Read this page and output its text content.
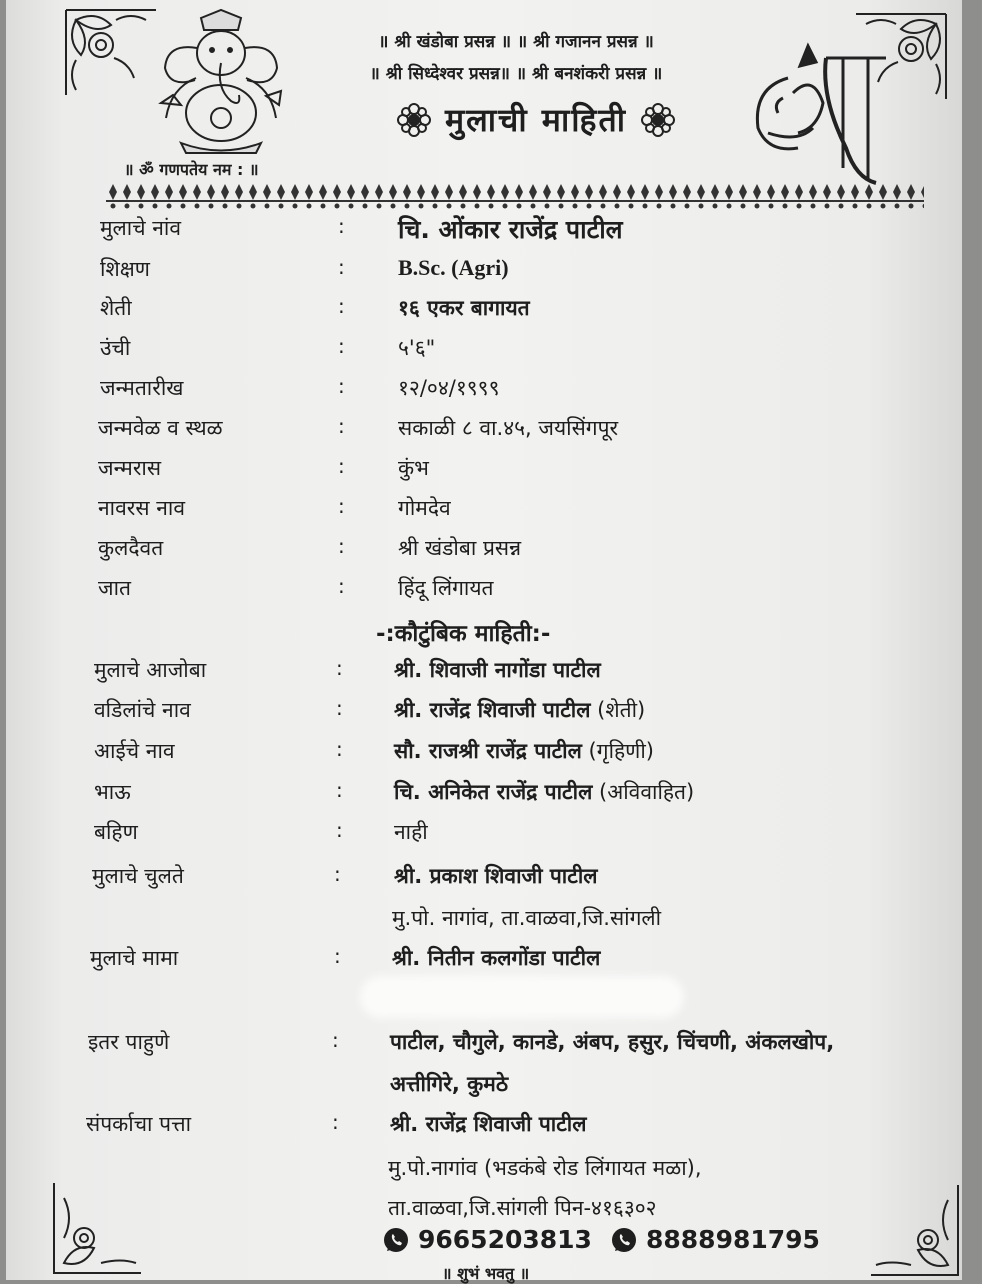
॥ श्री खंडोबा प्रसन्न ॥ ॥ श्री गजानन प्रसन्न ॥
॥ श्री सिध्देश्वर प्रसन्न॥ ॥ श्री बनशंकरी प्रसन्न ॥
मुलाची माहिती
॥ ॐ गणपतेय नम : ॥
मुलाचे नांव	: चि. ओंकार राजेंद्र पाटील
शिक्षण	: B.Sc. (Agri)
शेती	:	१६ एकर बागायत
उंची	:	५'६"
जन्मतारीख	:	१२/०४/१९९९
जन्मवेळ व स्थळ	:	सकाळी ८ वा.४५, जयसिंगपूर
जन्मरास	:	कुंभ
नावरस नाव	:	गोमदेव
कुलदैवत	:	श्री खंडोबा प्रसन्न
जात	:	हिंदू लिंगायत
-:कौटुंबिक माहिती:-
मुलाचे आजोबा	: श्री. शिवाजी नागोंडा पाटील
वडिलांचे नाव	: श्री. राजेंद्र शिवाजी पाटील (शेती)
आईचे नाव	: सौ. राजश्री राजेंद्र पाटील (गृहिणी)
भाऊ	: चि. अनिकेत राजेंद्र पाटील (अविवाहित)
बहिण	: नाही
मुलाचे चुलते	:	श्री. प्रकाश शिवाजी पाटील
मु.पो. नागांव, ता.वाळवा,जि.सांगली
मुलाचे मामा	: श्री. नितीन कलगोंडा पाटील
इतर पाहुणे	: पाटील, चौगुले, कानडे, अंबप, हसुर, चिंचणी, अंकलखोप,
अत्तीगिरे, कुमठे
संपर्काचा पत्ता	: श्री. राजेंद्र शिवाजी पाटील
मु.पो.नागांव (भडकंबे रोड लिंगायत मळा),
ता.वाळवा,जि.सांगली पिन-४१६३०२
9665203813 8888981795
॥ शुभं भवतु ॥
